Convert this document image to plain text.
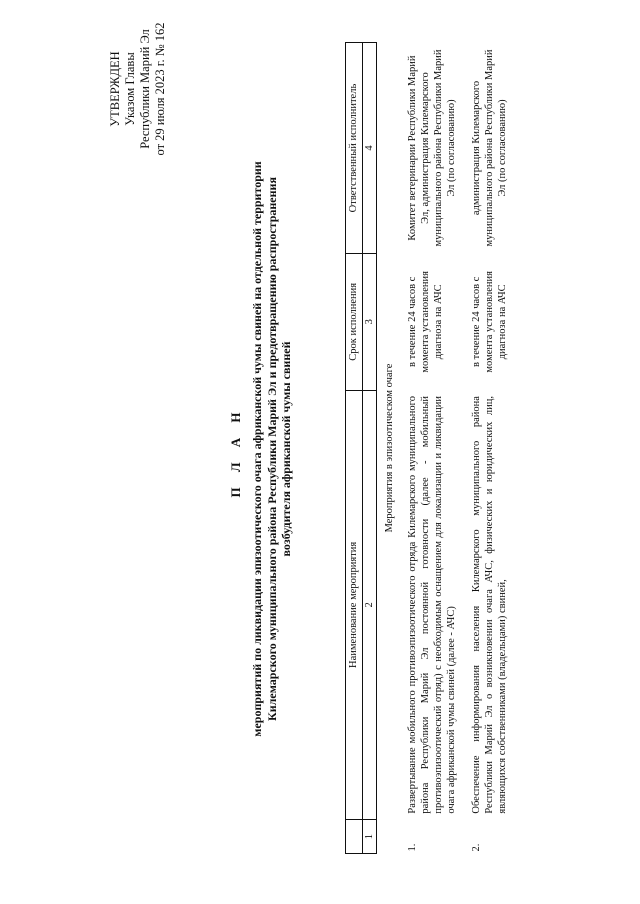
УТВЕРЖДЕН Указом Главы Республики Марий Эл от 29 июля 2023 г. № 162
П Л А Н мероприятий по ликвидации эпизоотического очага африканской чумы свиней на отдельной территории Килемарского муниципального района Республики Марий Эл и предотвращению распространения возбудителя африканской чумы свиней
	Наименование мероприятия	Срок исполнения	Ответственный исполнитель
1	2	3	4
Мероприятия в эпизоотическом очаге			
1.	Развертывание мобильного противоэпизоотического отряда Килемарского муниципального района Республики Марий Эл постоянной готовности (далее - мобильный противоэпизоотический отряд) с необходимым оснащением для локализации и ликвидации очага африканской чумы свиней (далее - АЧС)	в течение 24 часов с момента установления диагноза на АЧС	Комитет ветеринарии Республики Марий Эл, администрация Килемарского муниципального района Республики Марий Эл (по согласованию)
2.	Обеспечение информирования населения Килемарского муниципального района Республики Марий Эл о возникновении очага АЧС, физических и юридических лиц, являющихся собственниками (владельцами) свиней,	в течение 24 часов с момента установления диагноза на АЧС	администрация Килемарского муниципального района Республики Марий Эл (по согласованию)
